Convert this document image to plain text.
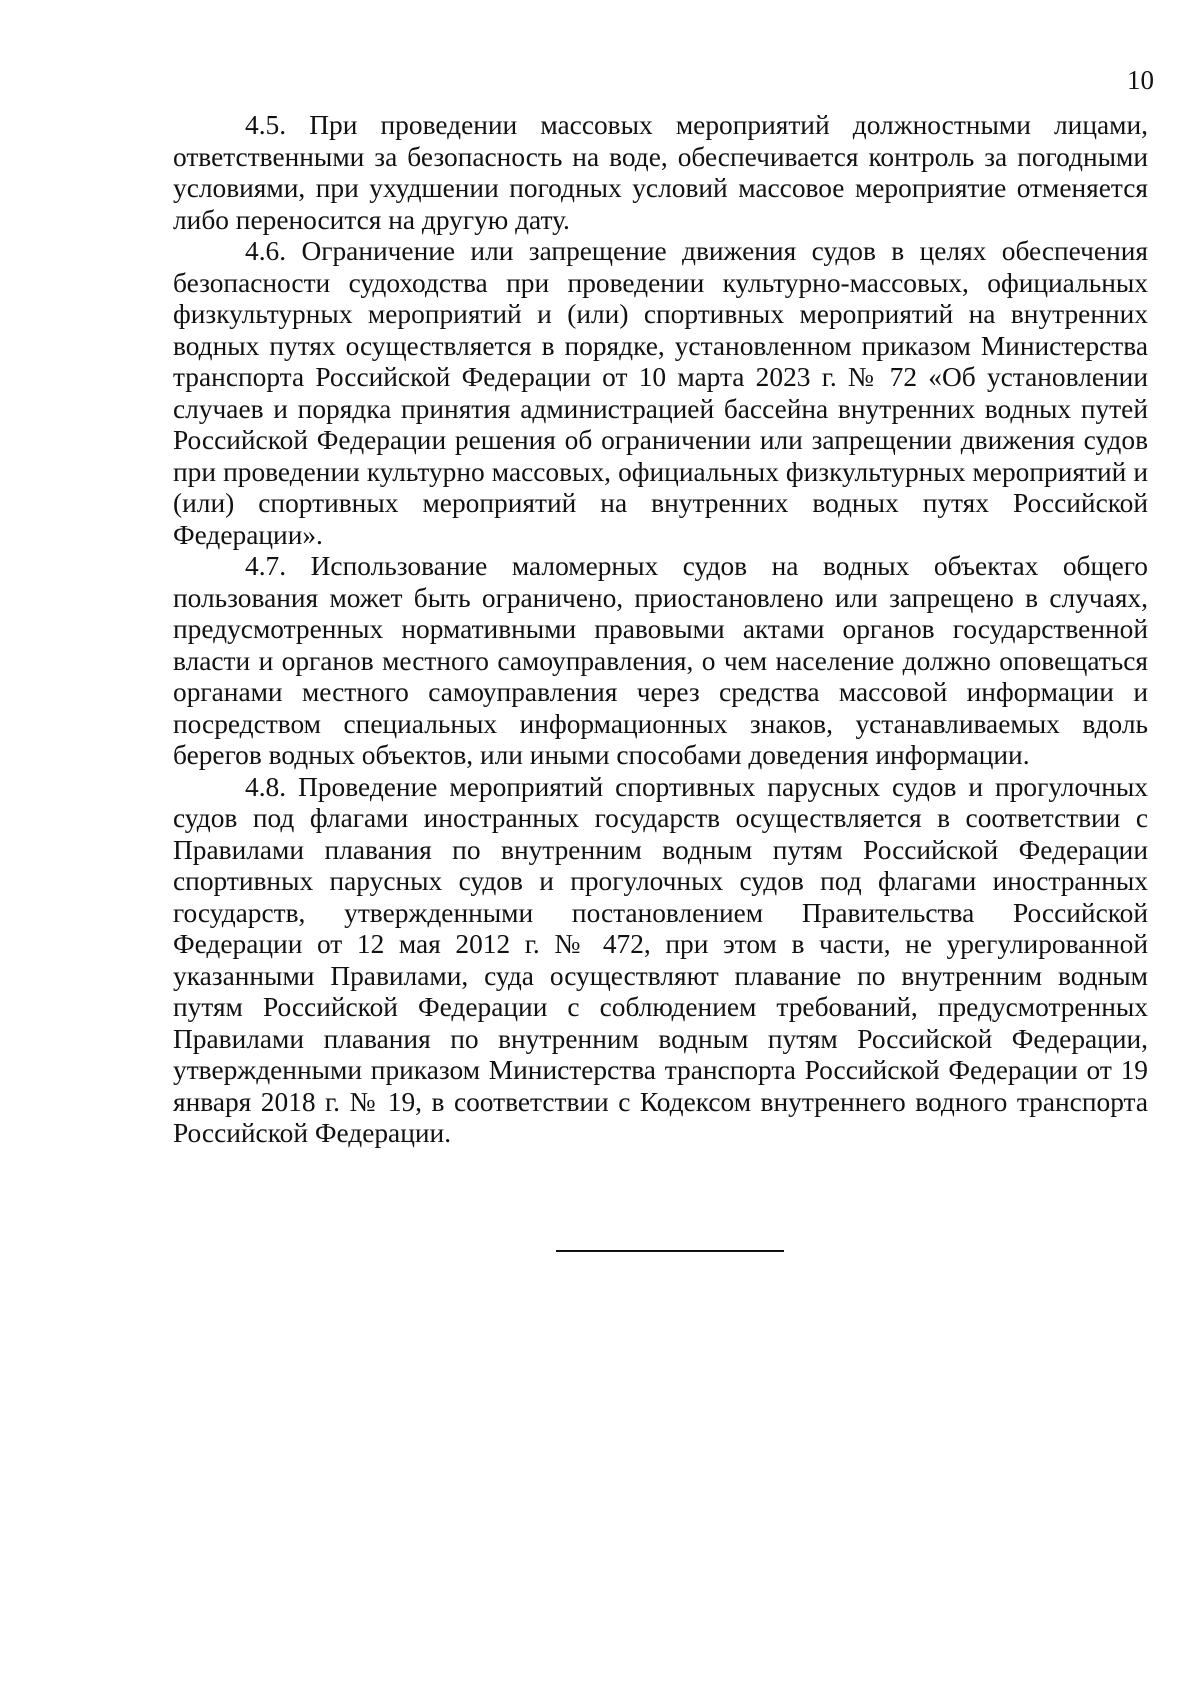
10

4.5. При проведении массовых мероприятий должностными лицами, ответственными за безопасность на воде, обеспечивается контроль за погодными условиями, при ухудшении погодных условий массовое мероприятие отменяется либо переносится на другую дату.

4.6. Ограничение или запрещение движения судов в целях обеспечения безопасности судоходства при проведении культурно-массовых, официальных физкультурных мероприятий и (или) спортивных мероприятий на внутренних водных путях осуществляется в порядке, установленном приказом Министерства транспорта Российской Федерации от 10 марта 2023 г. № 72 «Об установлении случаев и порядка принятия администрацией бассейна внутренних водных путей Российской Федерации решения об ограничении или запрещении движения судов при проведении культурно массовых, официальных физкультурных мероприятий и (или) спортивных мероприятий на внутренних водных путях Российской Федерации».

4.7. Использование маломерных судов на водных объектах общего пользования может быть ограничено, приостановлено или запрещено в случаях, предусмотренных нормативными правовыми актами органов государственной власти и органов местного самоуправления, о чем население должно оповещаться органами местного самоуправления через средства массовой информации и посредством специальных информационных знаков, устанавливаемых вдоль берегов водных объектов, или иными способами доведения информации.

4.8. Проведение мероприятий спортивных парусных судов и прогулочных судов под флагами иностранных государств осуществляется в соответствии с Правилами плавания по внутренним водным путям Российской Федерации спортивных парусных судов и прогулочных судов под флагами иностранных государств, утвержденными постановлением Правительства Российской Федерации от 12 мая 2012 г. № 472, при этом в части, не урегулированной указанными Правилами, суда осуществляют плавание по внутренним водным путям Российской Федерации с соблюдением требований, предусмотренных Правилами плавания по внутренним водным путям Российской Федерации, утвержденными приказом Министерства транспорта Российской Федерации от 19 января 2018 г. № 19, в соответствии с Кодексом внутреннего водного транспорта Российской Федерации.
